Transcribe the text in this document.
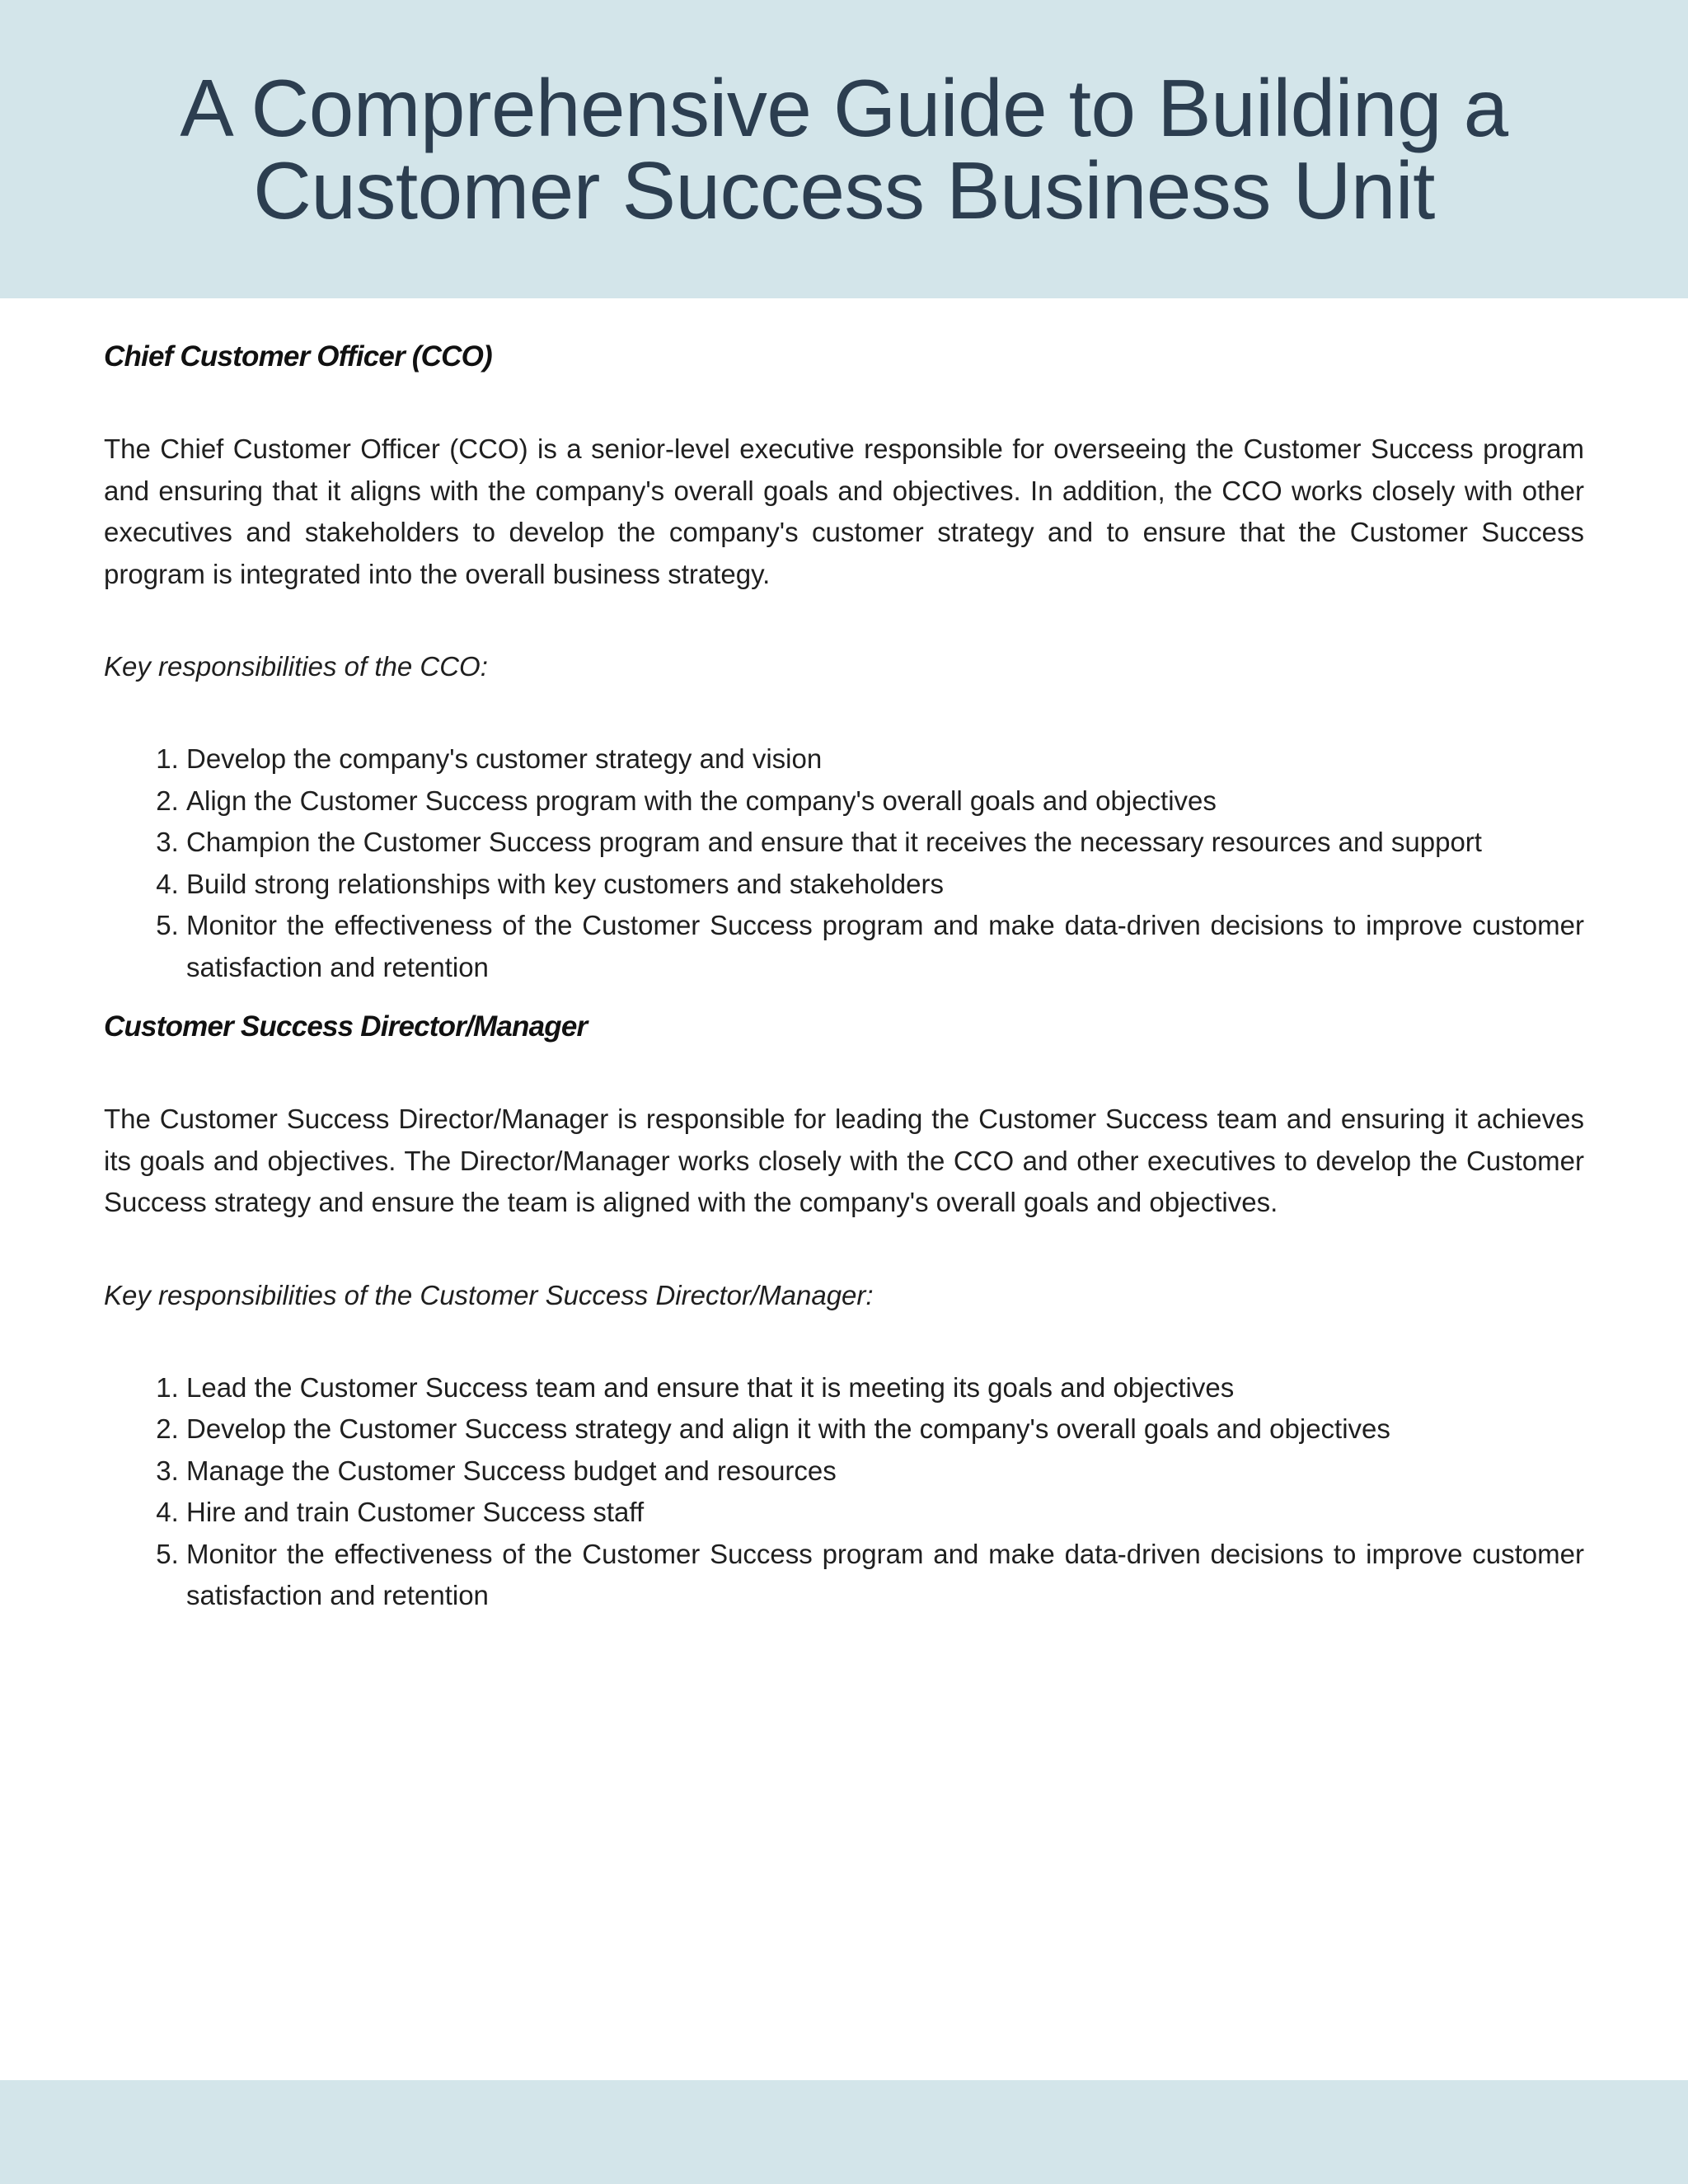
A Comprehensive Guide to Building a Customer Success Business Unit
Chief Customer Officer (CCO)

The Chief Customer Officer (CCO) is a senior-level executive responsible for overseeing the Customer Success program and ensuring that it aligns with the company's overall goals and objectives. In addition, the CCO works closely with other executives and stakeholders to develop the company's customer strategy and to ensure that the Customer Success program is integrated into the overall business strategy.

Key responsibilities of the CCO:

1. Develop the company's customer strategy and vision
2. Align the Customer Success program with the company's overall goals and objectives
3. Champion the Customer Success program and ensure that it receives the necessary resources and support
4. Build strong relationships with key customers and stakeholders
5. Monitor the effectiveness of the Customer Success program and make data-driven decisions to improve customer satisfaction and retention
Customer Success Director/Manager

The Customer Success Director/Manager is responsible for leading the Customer Success team and ensuring it achieves its goals and objectives. The Director/Manager works closely with the CCO and other executives to develop the Customer Success strategy and ensure the team is aligned with the company's overall goals and objectives.

Key responsibilities of the Customer Success Director/Manager:

1. Lead the Customer Success team and ensure that it is meeting its goals and objectives
2. Develop the Customer Success strategy and align it with the company's overall goals and objectives
3. Manage the Customer Success budget and resources
4. Hire and train Customer Success staff
5. Monitor the effectiveness of the Customer Success program and make data-driven decisions to improve customer satisfaction and retention
